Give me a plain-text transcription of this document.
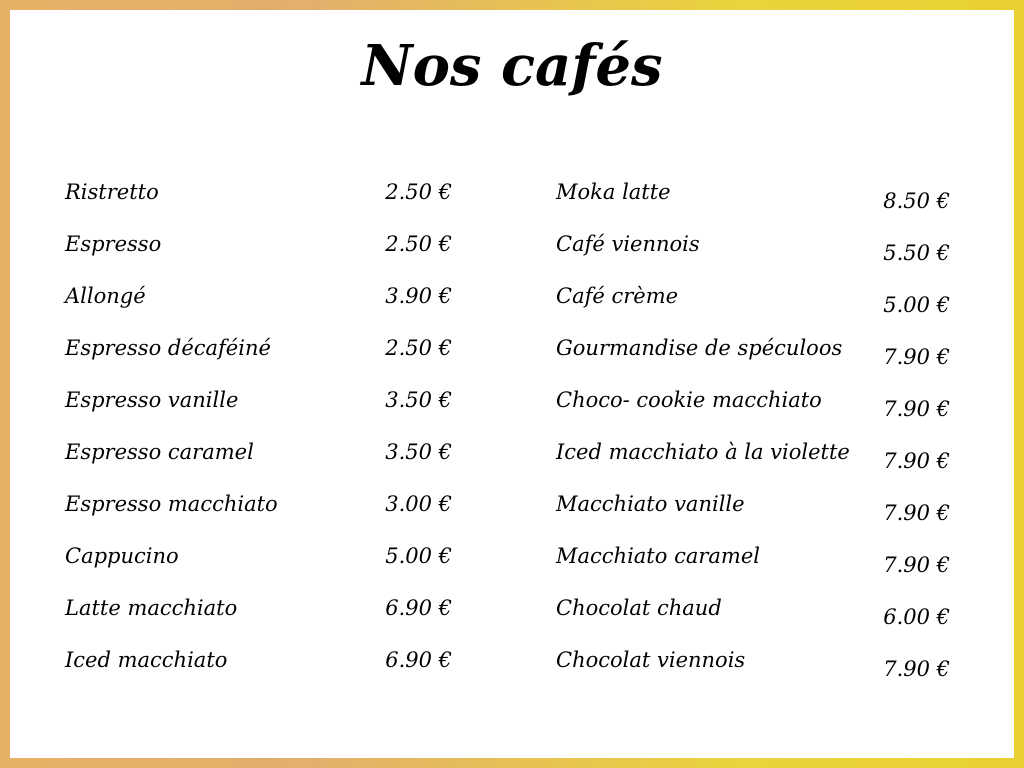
Nos cafés
Ristretto	2.50 €
Espresso	2.50 €
Allongé	3.90 €
Espresso décaféiné	2.50 €
Espresso vanille	3.50 €
Espresso caramel	3.50 €
Espresso macchiato	3.00 €
Cappucino	5.00 €
Latte macchiato	6.90 €
Iced macchiato	6.90 €
Moka latte	8.50 €
Café viennois	5.50 €
Café crème	5.00 €
Gourmandise de spéculoos 7.90 €
Choco- cookie macchiato	7.90 €
Iced macchiato à la violette 7.90 €
Macchiato vanille	7.90 €
Macchiato caramel	7.90 €
Chocolat chaud	6.00 €
Chocolat viennois	7.90 €
